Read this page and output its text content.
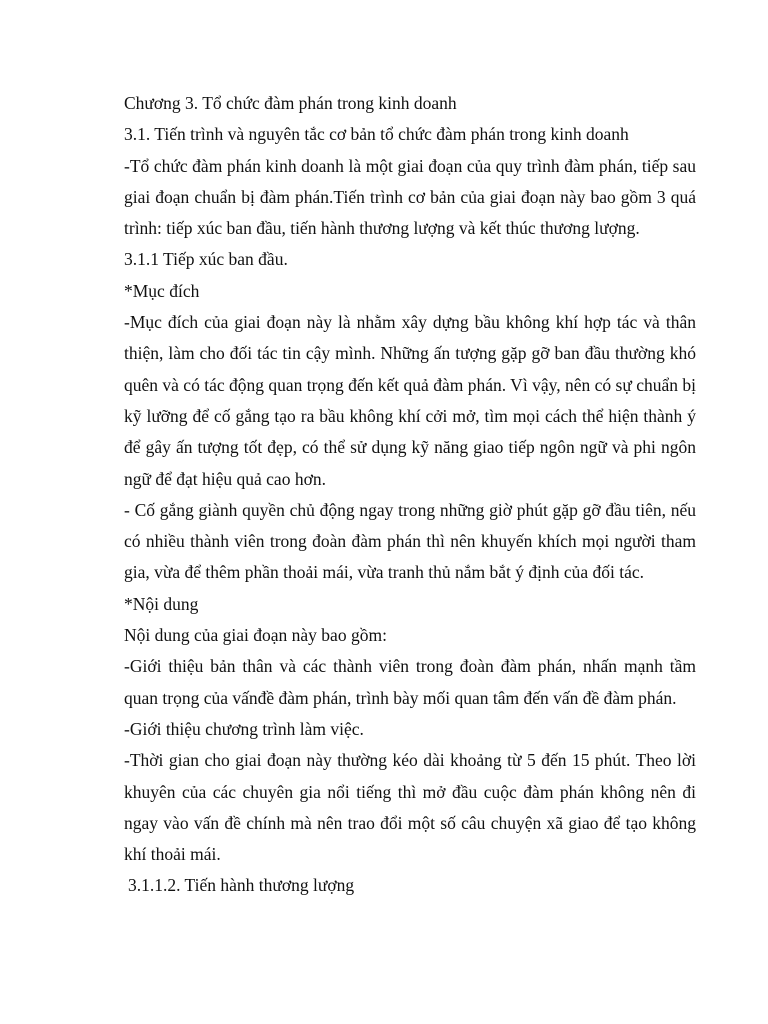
Chương 3. Tổ chức đàm phán trong kinh doanh

3.1. Tiến trình và nguyên tắc cơ bản tổ chức đàm phán trong kinh doanh

-Tổ chức đàm phán kinh doanh là một giai đoạn của quy trình đàm phán, tiếp sau giai đoạn chuẩn bị đàm phán.Tiến trình cơ bản của giai đoạn này bao gồm 3 quá trình: tiếp xúc ban đầu, tiến hành thương lượng và kết thúc thương lượng.

3.1.1 Tiếp xúc ban đầu.

*Mục đích

-Mục đích của giai đoạn này là nhằm xây dựng bầu không khí hợp tác và thân thiện, làm cho đối tác tin cậy mình. Những ấn tượng gặp gỡ ban đầu thường khó quên và có tác động quan trọng đến kết quả đàm phán. Vì vậy, nên có sự chuẩn bị kỹ lưỡng để cố gắng tạo ra bầu không khí cởi mở, tìm mọi cách thể hiện thành ý để gây ấn tượng tốt đẹp, có thể sử dụng kỹ năng giao tiếp ngôn ngữ và phi ngôn ngữ để đạt hiệu quả cao hơn.

- Cố gắng giành quyền chủ động ngay trong những giờ phút gặp gỡ đầu tiên, nếu có nhiều thành viên trong đoàn đàm phán thì nên khuyến khích mọi người tham gia, vừa để thêm phần thoải mái, vừa tranh thủ nắm bắt ý định của đối tác.

*Nội dung

Nội dung của giai đoạn này bao gồm:

-Giới thiệu bản thân và các thành viên trong đoàn đàm phán, nhấn mạnh tầm quan trọng của vấnđề đàm phán, trình bày mối quan tâm đến vấn đề đàm phán.

-Giới thiệu chương trình làm việc.

-Thời gian cho giai đoạn này thường kéo dài khoảng từ 5 đến 15 phút. Theo lời khuyên của các chuyên gia nổi tiếng thì mở đầu cuộc đàm phán không nên đi ngay vào vấn đề chính mà nên trao đổi một số câu chuyện xã giao để tạo không khí thoải mái.

3.1.1.2. Tiến hành thương lượng
